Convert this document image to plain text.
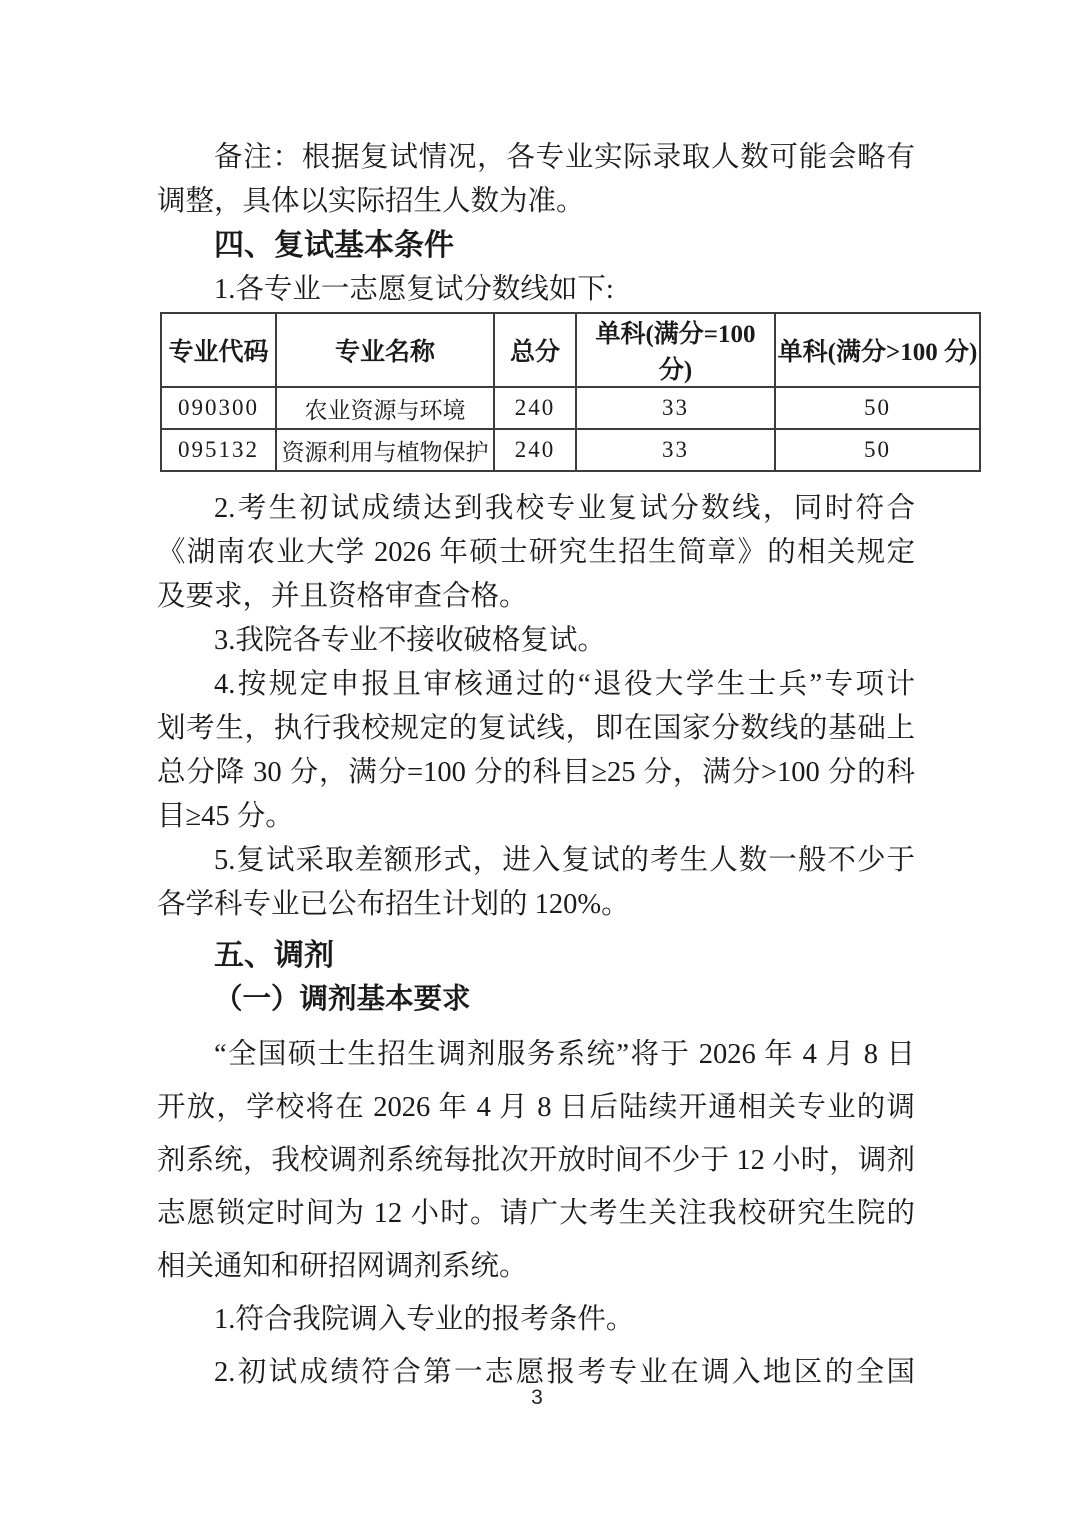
备注：根据复试情况，各专业实际录取人数可能会略有
调整，具体以实际招生人数为准。
四、复试基本条件
1.各专业一志愿复试分数线如下:
专业代码	专业名称	总分	单科(满分=100 分)	单科(满分>100 分)
090300	农业资源与环境	240	33	50
095132	资源利用与植物保护	240	33	50
2.考生初试成绩达到我校专业复试分数线，同时符合
《湖南农业大学 2026 年硕士研究生招生简章》的相关规定
及要求，并且资格审查合格。
3.我院各专业不接收破格复试。
4.按规定申报且审核通过的“退役大学生士兵”专项计
划考生，执行我校规定的复试线，即在国家分数线的基础上
总分降 30 分，满分=100 分的科目≥25 分，满分>100 分的科
目≥45 分。
5.复试采取差额形式，进入复试的考生人数一般不少于
各学科专业已公布招生计划的 120%。
五、调剂
（一）调剂基本要求
“全国硕士生招生调剂服务系统”将于 2026 年 4 月 8 日
开放，学校将在 2026 年 4 月 8 日后陆续开通相关专业的调
剂系统，我校调剂系统每批次开放时间不少于 12 小时，调剂
志愿锁定时间为 12 小时。请广大考生关注我校研究生院的
相关通知和研招网调剂系统。
1.符合我院调入专业的报考条件。
2.初试成绩符合第一志愿报考专业在调入地区的全国
3
